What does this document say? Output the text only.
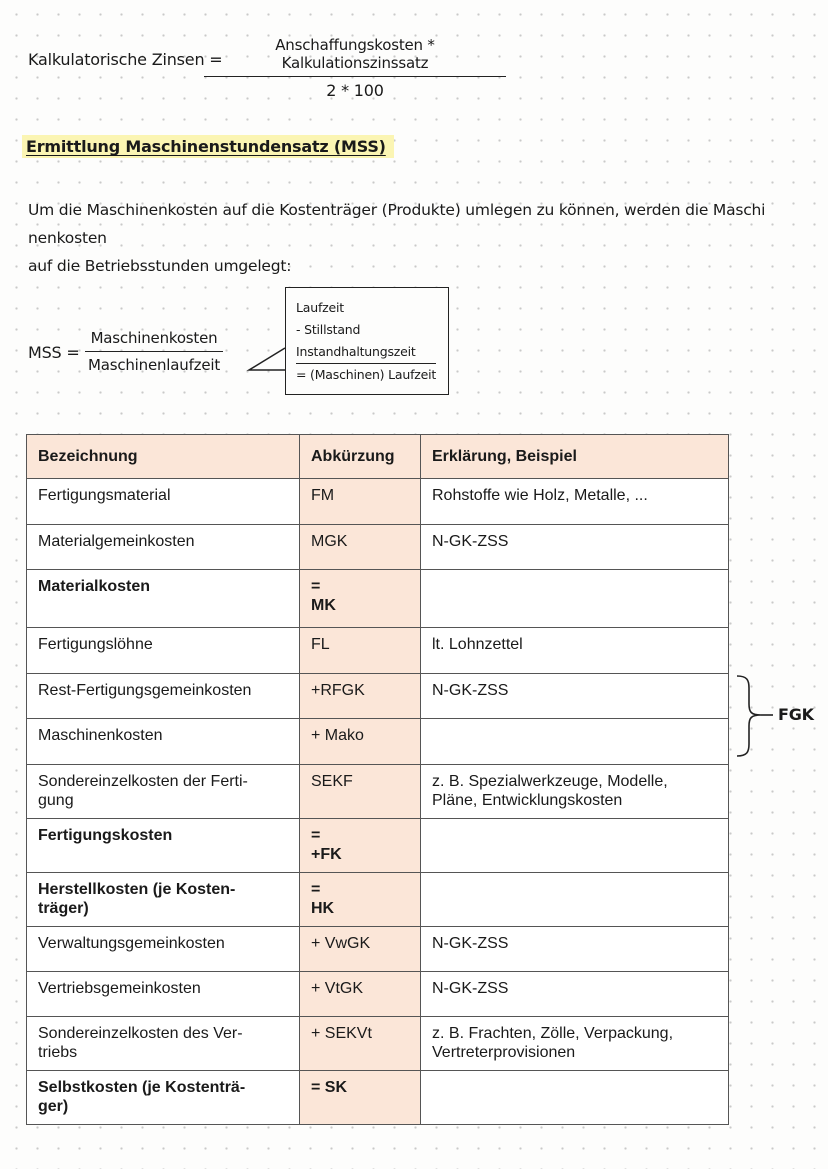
Kalkulatorische Zinsen =
Anschaffungskosten * Kalkulationszinssatz
2 * 100
Ermittlung Maschinenstundensatz (MSS)
Um die Maschinenkosten auf die Kostenträger (Produkte) umlegen zu können, werden die Maschi nenkosten
auf die Betriebsstunden umgelegt:
MSS =
Maschinenkosten
Maschinenlaufzeit
Laufzeit
- Stillstand
Instandhaltungszeit
= (Maschinen) Laufzeit
Bezeichnung	Abkürzung	Erklärung, Beispiel
Fertigungsmaterial	FM	Rohstoffe wie Holz, Metalle, ...
Materialgemeinkosten	MGK	N-GK-ZSS
Materialkosten	=
MK	
Fertigungslöhne	FL	lt. Lohnzettel
Rest-Fertigungsgemeinkosten	+RFGK	N-GK-ZSS
Maschinenkosten	+ Mako	
Sondereinzelkosten der Ferti-
gung	SEKF	z. B. Spezialwerkzeuge, Modelle,
Pläne, Entwicklungskosten
Fertigungskosten	=
+FK	
Herstellkosten (je Kosten-
träger)	=
HK	
Verwaltungsgemeinkosten	+ VwGK	N-GK-ZSS
Vertriebsgemeinkosten	+ VtGK	N-GK-ZSS
Sondereinzelkosten des Ver-
triebs	+ SEKVt	z. B. Frachten, Zölle, Verpackung,
Vertreterprovisionen
Selbstkosten (je Kostenträ-
ger)	= SK	
FGK
